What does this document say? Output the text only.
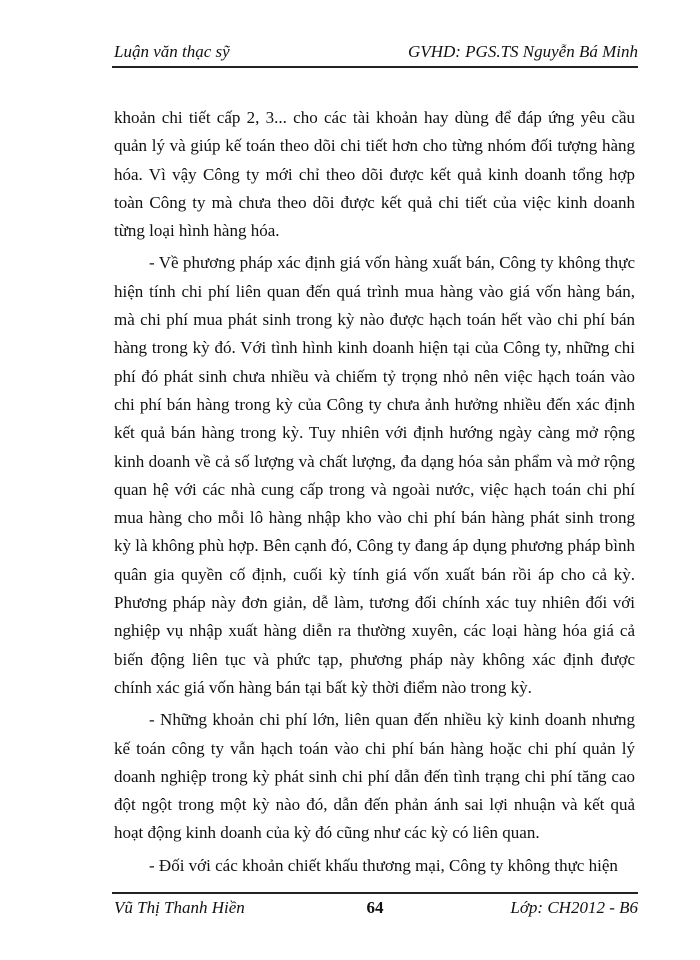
Luận văn thạc sỹ	GVHD: PGS.TS Nguyễn Bá Minh

khoản chi tiết cấp 2, 3... cho các tài khoản hay dùng để đáp ứng yêu cầu quản lý và giúp kế toán theo dõi chi tiết hơn cho từng nhóm đối tượng hàng hóa. Vì vậy Công ty mới chỉ theo dõi được kết quả kinh doanh tổng hợp toàn Công ty mà chưa theo dõi được kết quả chi tiết của việc kinh doanh từng loại hình hàng hóa.

- Về phương pháp xác định giá vốn hàng xuất bán, Công ty không thực hiện tính chi phí liên quan đến quá trình mua hàng vào giá vốn hàng bán, mà chi phí mua phát sinh trong kỳ nào được hạch toán hết vào chi phí bán hàng trong kỳ đó. Với tình hình kinh doanh hiện tại của Công ty, những chi phí đó phát sinh chưa nhiều và chiếm tỷ trọng nhỏ nên việc hạch toán vào chi phí bán hàng trong kỳ của Công ty chưa ảnh hưởng nhiều đến xác định kết quả bán hàng trong kỳ. Tuy nhiên với định hướng ngày càng mở rộng kinh doanh về cả số lượng và chất lượng, đa dạng hóa sản phẩm và mở rộng quan hệ với các nhà cung cấp trong và ngoài nước, việc hạch toán chi phí mua hàng cho mỗi lô hàng nhập kho vào chi phí bán hàng phát sinh trong kỳ là không phù hợp. Bên cạnh đó, Công ty đang áp dụng phương pháp bình quân gia quyền cố định, cuối kỳ tính giá vốn xuất bán rồi áp cho cả kỳ. Phương pháp này đơn giản, dễ làm, tương đối chính xác tuy nhiên đối với nghiệp vụ nhập xuất hàng diễn ra thường xuyên, các loại hàng hóa giá cả biến động liên tục và phức tạp, phương pháp này không xác định được chính xác giá vốn hàng bán tại bất kỳ thời điểm nào trong kỳ.

- Những khoản chi phí lớn, liên quan đến nhiều kỳ kinh doanh nhưng kế toán công ty vẫn hạch toán vào chi phí bán hàng hoặc chi phí quản lý doanh nghiệp trong kỳ phát sinh chi phí dẫn đến tình trạng chi phí tăng cao đột ngột trong một kỳ nào đó, dẫn đến phản ánh sai lợi nhuận và kết quả hoạt động kinh doanh của kỳ đó cũng như các kỳ có liên quan.

- Đối với các khoản chiết khấu thương mại, Công ty không thực hiện

Vũ Thị Thanh Hiền	64	Lớp: CH2012 - B6
